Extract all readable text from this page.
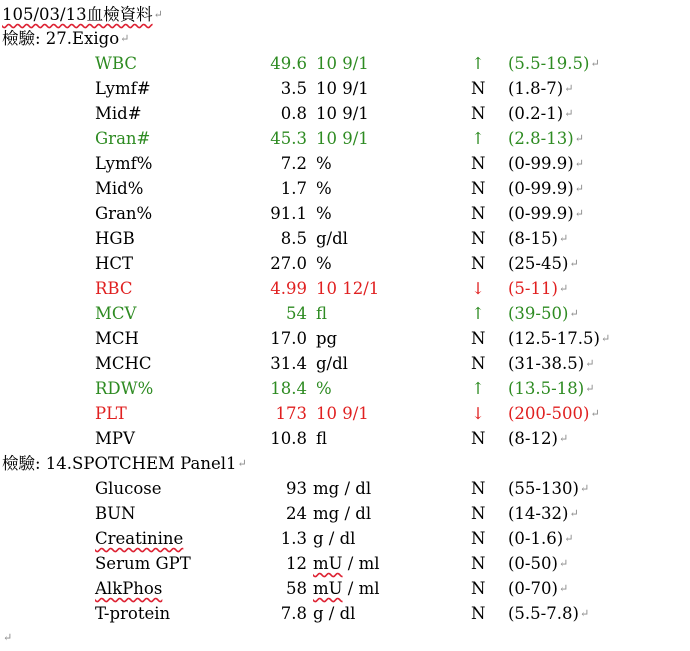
105/03/13血檢資料↵
檢驗: 27.Exigo↵
WBC	49.6 10 9/1	↑ (5.5-19.5)↵
Lymf#	3.5 10 9/1	N (1.8-7)↵
Mid#	0.8 10 9/1	N (0.2-1)↵
Gran#	45.3 10 9/1	↑ (2.8-13)↵
Lymf%	7.2 %	N (0-99.9)↵
Mid%	1.7 %	N (0-99.9)↵
Gran%	91.1 %	N (0-99.9)↵
HGB	8.5 g/dl	N (8-15)↵
HCT	27.0 %	N (25-45)↵
RBC	4.99 10 12/1	↓ (5-11)↵
MCV	54 fl	↑ (39-50)↵
MCH	17.0 pg	N (12.5-17.5)↵
MCHC	31.4 g/dl	N (31-38.5)↵
RDW%	18.4 %	↑ (13.5-18)↵
PLT	173 10 9/1	↓ (200-500)↵
MPV	10.8 fl	N (8-12)↵
檢驗: 14.SPOTCHEM Panel1↵
Glucose	93 mg / dl	N (55-130)↵
BUN	24 mg / dl	N (14-32)↵
Creatinine	1.3 g / dl	N (0-1.6)↵
Serum GPT	12 mU / ml	N (0-50)↵
AlkPhos	58 mU / ml	N (0-70)↵
T-protein	7.8 g / dl	N (5.5-7.8)↵
↵
